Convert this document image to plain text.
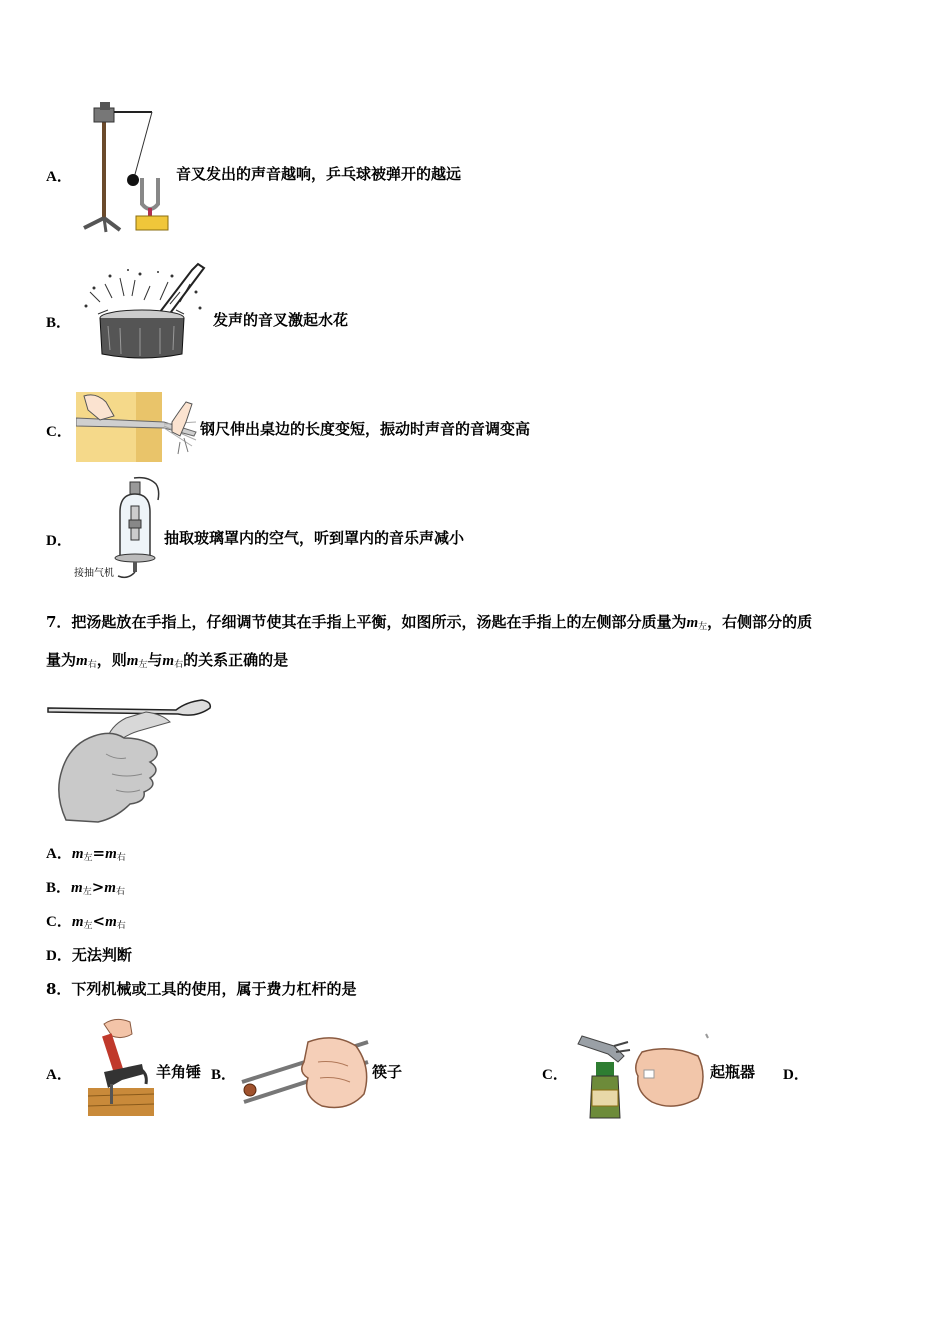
A．	音叉发出的声音越响，乒乓球被弹开的越远
B．	发声的音叉激起水花
C．	钢尺伸出桌边的长度变短，振动时声音的音调变高
D．
接抽气机
抽取玻璃罩内的空气，听到罩内的音乐声减小
7．把汤匙放在手指上，仔细调节使其在手指上平衡，如图所示，汤匙在手指上的左侧部分质量为$m_左$，右侧部分的质
量为$m_右$，则$m_左$与$m_右$的关系正确的是
A．$m_左=m_右$
B．$m_左>m_右$
C．$m_左<m_右$
D．无法判断
8．下列机械或工具的使用，属于费力杠杆的是
A．	羊角锤 B．	筷子	C．	起瓶器 D．
